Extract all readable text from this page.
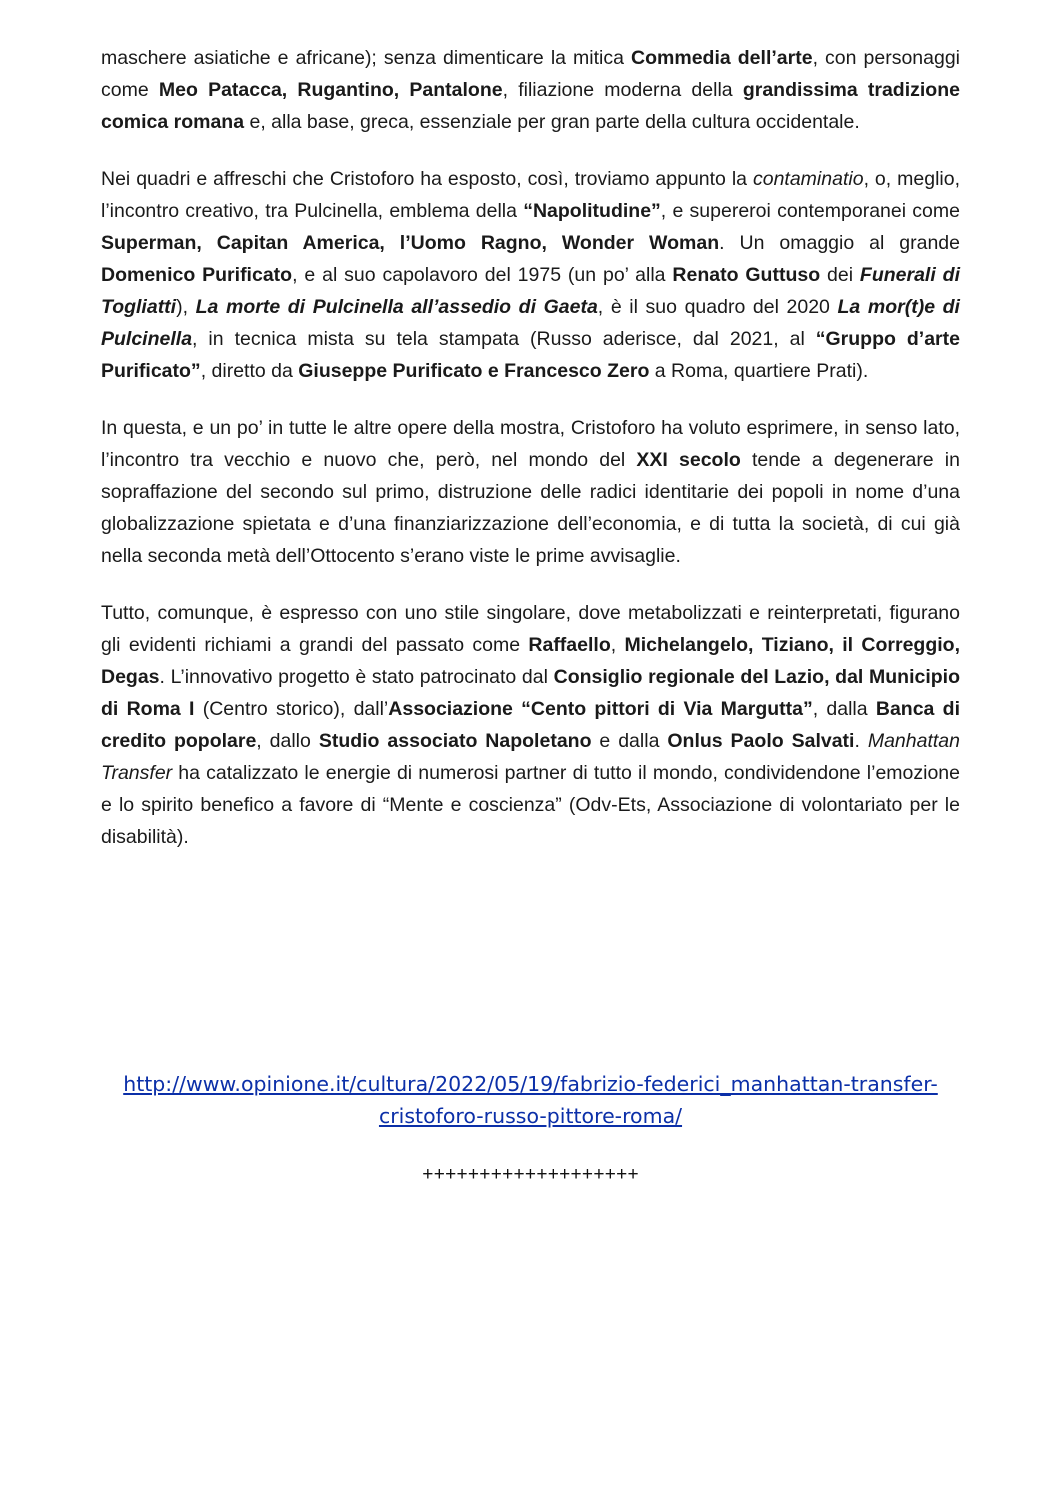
maschere asiatiche e africane); senza dimenticare la mitica Commedia dell’arte, con personaggi come Meo Patacca, Rugantino, Pantalone, filiazione moderna della grandissima tradizione comica romana e, alla base, greca, essenziale per gran parte della cultura occidentale.

Nei quadri e affreschi che Cristoforo ha esposto, così, troviamo appunto la contaminatio, o, meglio, l’incontro creativo, tra Pulcinella, emblema della “Napolitudine”, e supereroi contemporanei come Superman, Capitan America, l’Uomo Ragno, Wonder Woman. Un omaggio al grande Domenico Purificato, e al suo capolavoro del 1975 (un po’ alla Renato Guttuso dei Funerali di Togliatti), La morte di Pulcinella all’assedio di Gaeta, è il suo quadro del 2020 La mor(t)e di Pulcinella, in tecnica mista su tela stampata (Russo aderisce, dal 2021, al “Gruppo d’arte Purificato”, diretto da Giuseppe Purificato e Francesco Zero a Roma, quartiere Prati).

In questa, e un po’ in tutte le altre opere della mostra, Cristoforo ha voluto esprimere, in senso lato, l’incontro tra vecchio e nuovo che, però, nel mondo del XXI secolo tende a degenerare in sopraffazione del secondo sul primo, distruzione delle radici identitarie dei popoli in nome d’una globalizzazione spietata e d’una finanziarizzazione dell’economia, e di tutta la società, di cui già nella seconda metà dell’Ottocento s’erano viste le prime avvisaglie.

Tutto, comunque, è espresso con uno stile singolare, dove metabolizzati e reinterpretati, figurano gli evidenti richiami a grandi del passato come Raffaello, Michelangelo, Tiziano, il Correggio, Degas. L’innovativo progetto è stato patrocinato dal Consiglio regionale del Lazio, dal Municipio di Roma I (Centro storico), dall’Associazione “Cento pittori di Via Margutta”, dalla Banca di credito popolare, dallo Studio associato Napoletano e dalla Onlus Paolo Salvati. Manhattan Transfer ha catalizzato le energie di numerosi partner di tutto il mondo, condividendone l’emozione e lo spirito benefico a favore di “Mente e coscienza” (Odv-Ets, Associazione di volontariato per le disabilità).

http://www.opinione.it/cultura/2022/05/19/fabrizio-federici_manhattan-transfer-
cristoforo-russo-pittore-roma/
+++++++++++++++++++
